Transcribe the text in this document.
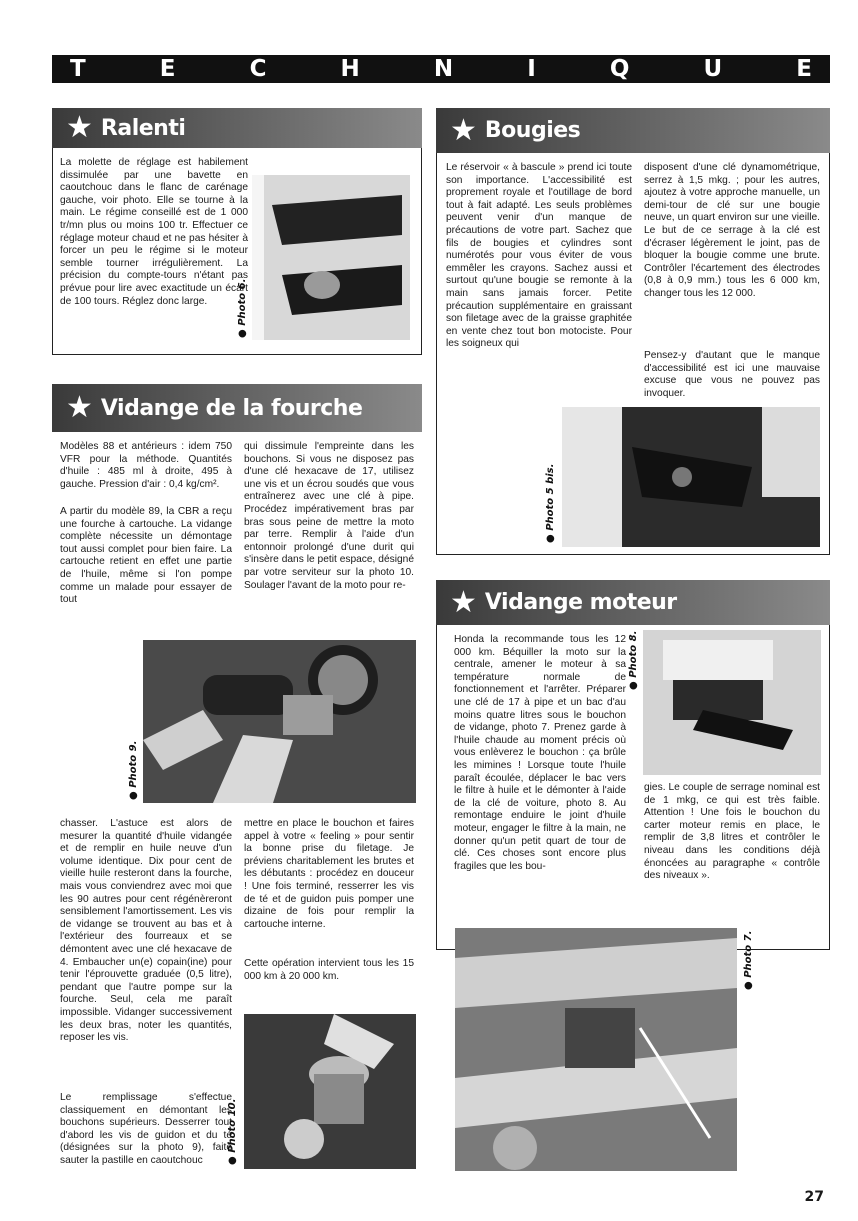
T	E	C	H	N	I	Q	U	E
★ Ralenti

La molette de réglage est habilement dissimulée par une bavette en caoutchouc dans le flanc de carénage gauche, voir photo. Elle se tourne à la main. Le régime conseillé est de 1 000 tr/mn plus ou moins 100 tr. Effectuer ce réglage moteur chaud et ne pas hésiter à forcer un peu le régime si le moteur semble tourner irrégulièrement. La précision du compte-tours n'étant pas prévue pour lire avec exactitude un écart de 100 tours. Réglez donc large.	● Photo 6.
★ Bougies

Le réservoir « à bascule » prend ici toute son importance. L'accessibilité est proprement royale et l'outillage de bord tout à fait adapté. Les seuls problèmes peuvent venir d'un manque de précautions de votre part. Sachez que fils de bougies et cylindres sont numérotés pour vous éviter de vous emmêler les crayons. Sachez aussi et surtout qu'une bougie se remonte à la main sans jamais forcer. Petite précaution supplémentaire en graissant son filetage avec de la graisse graphitée en vente chez tout bon motociste. Pour les soigneux qui

disposent d'une clé dynamométrique, serrez à 1,5 mkg. ; pour les autres, ajoutez à votre approche manuelle, un demi-tour de clé sur une bougie neuve, un quart environ sur une vieille. Le but de ce serrage à la clé est d'écraser légèrement le joint, pas de bloquer la bougie comme une brute. Contrôler l'écartement des électrodes (0,8 à 0,9 mm.) tous les 6 000 km, changer tous les 12 000.

Pensez-y d'autant que le manque d'accessibilité est ici une mauvaise excuse que vous ne pouvez pas invoquer.

● Photo 5 bis.
★ Vidange de la fourche

Modèles 88 et antérieurs : idem 750 VFR pour la méthode. Quantités d'huile : 485 ml à droite, 495 à gauche. Pression d'air : 0,4 kg/cm².

A partir du modèle 89, la CBR a reçu une fourche à cartouche. La vidange complète nécessite un démontage tout aussi complet pour bien faire. La cartouche retient en effet une partie de l'huile, même si l'on pompe comme un malade pour essayer de tout

qui dissimule l'empreinte dans les bouchons. Si vous ne disposez pas d'une clé hexacave de 17, utilisez une vis et un écrou soudés que vous entraînerez avec une clé à pipe. Procédez impérativement bras par bras sous peine de mettre la moto par terre. Remplir à l'aide d'un entonnoir prolongé d'une durit qui s'insère dans le petit espace, désigné par votre serviteur sur la photo 10. Soulager l'avant de la moto pour re-

● Photo 9.

chasser. L'astuce est alors de mesurer la quantité d'huile vidangée et de remplir en huile neuve d'un volume identique. Dix pour cent de vieille huile resteront dans la fourche, mais vous conviendrez avec moi que les 90 autres pour cent régénèreront sensiblement l'amortissement. Les vis de vidange se trouvent au bas et à l'extérieur des fourreaux et se démontent avec une clé hexacave de 4. Embaucher un(e) copain(ine) pour tenir l'éprouvette graduée (0,5 litre), pendant que l'autre pompe sur la fourche. Seul, cela me paraît impossible. Vidanger successivement les deux bras, noter les quantités, reposer les vis.

Le remplissage s'effectue classiquement en démontant les bouchons supérieurs. Desserrer tout d'abord les vis de guidon et du té (désignées sur la photo 9), faite sauter la pastille en caoutchouc

mettre en place le bouchon et faires appel à votre « feeling » pour sentir la bonne prise du filetage. Je préviens charitablement les brutes et les débutants : procédez en douceur ! Une fois terminé, resserrer les vis de té et de guidon puis pomper une dizaine de fois pour remplir la cartouche interne.

Cette opération intervient tous les 15 000 km à 20 000 km.

● Photo 10.
★ Vidange moteur

Honda la recommande tous les 12 000 km. Béquiller la moto sur la centrale, amener le moteur à sa température normale de fonctionnement et l'arrêter. Préparer une clé de 17 à pipe et un bac d'au moins quatre litres sous le bouchon de vidange, photo 7. Prenez garde à l'huile chaude au moment précis où vous enlèverez le bouchon : ça brûle les mimines ! Lorsque toute l'huile paraît écoulée, déplacer le bac vers le filtre à huile et le démonter à l'aide de la clé de voiture, photo 8. Au remontage enduire le joint d'huile moteur, engager le filtre à la main, ne donner qu'un petit quart de tour de clé. Ces choses sont encore plus fragiles que les bou-

● Photo 8.

gies. Le couple de serrage nominal est de 1 mkg, ce qui est très faible. Attention ! Une fois le bouchon du carter moteur remis en place, le remplir de 3,8 litres et contrôler le niveau dans les conditions déjà énoncées au paragraphe « contrôle des niveaux ».

● Photo 7.
27
